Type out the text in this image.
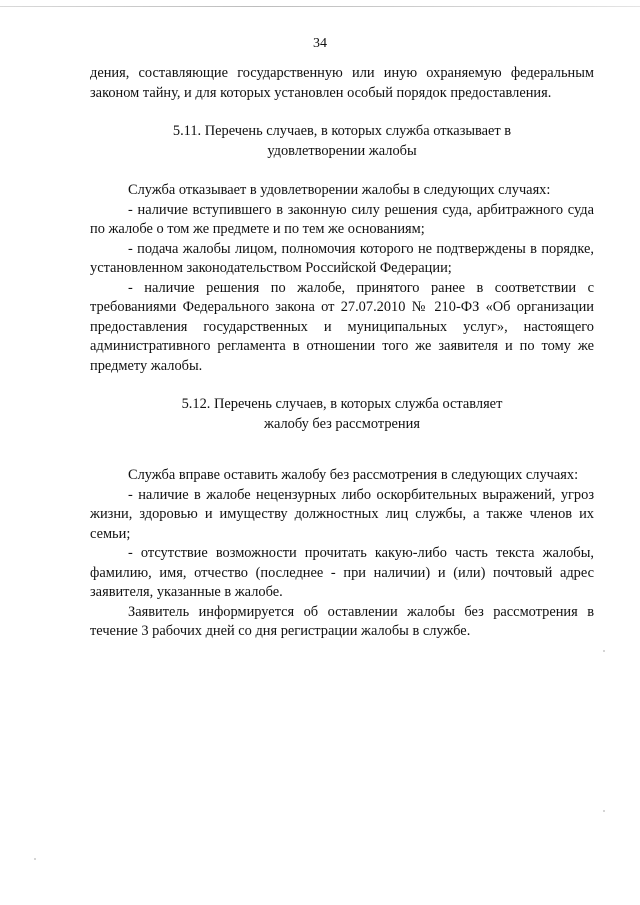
34

дения, составляющие государственную или иную охраняемую федеральным законом тайну, и для которых установлен особый порядок предоставления.

5.11. Перечень случаев, в которых служба отказывает в
удовлетворении жалобы

Служба отказывает в удовлетворении жалобы в следующих случаях:

- наличие вступившего в законную силу решения суда, арбитражного суда по жалобе о том же предмете и по тем же основаниям;

- подача жалобы лицом, полномочия которого не подтверждены в порядке, установленном законодательством Российской Федерации;

- наличие решения по жалобе, принятого ранее в соответствии с требованиями Федерального закона от 27.07.2010 № 210-ФЗ «Об организации предоставления государственных и муниципальных услуг», настоящего административного регламента в отношении того же заявителя и по тому же предмету жалобы.

5.12. Перечень случаев, в которых служба оставляет
жалобу без рассмотрения

Служба вправе оставить жалобу без рассмотрения в следующих случаях:

- наличие в жалобе нецензурных либо оскорбительных выражений, угроз жизни, здоровью и имуществу должностных лиц службы, а также членов их семьи;

- отсутствие возможности прочитать какую-либо часть текста жалобы, фамилию, имя, отчество (последнее - при наличии) и (или) почтовый адрес заявителя, указанные в жалобе.

Заявитель информируется об оставлении жалобы без рассмотрения в течение 3 рабочих дней со дня регистрации жалобы в службе.
